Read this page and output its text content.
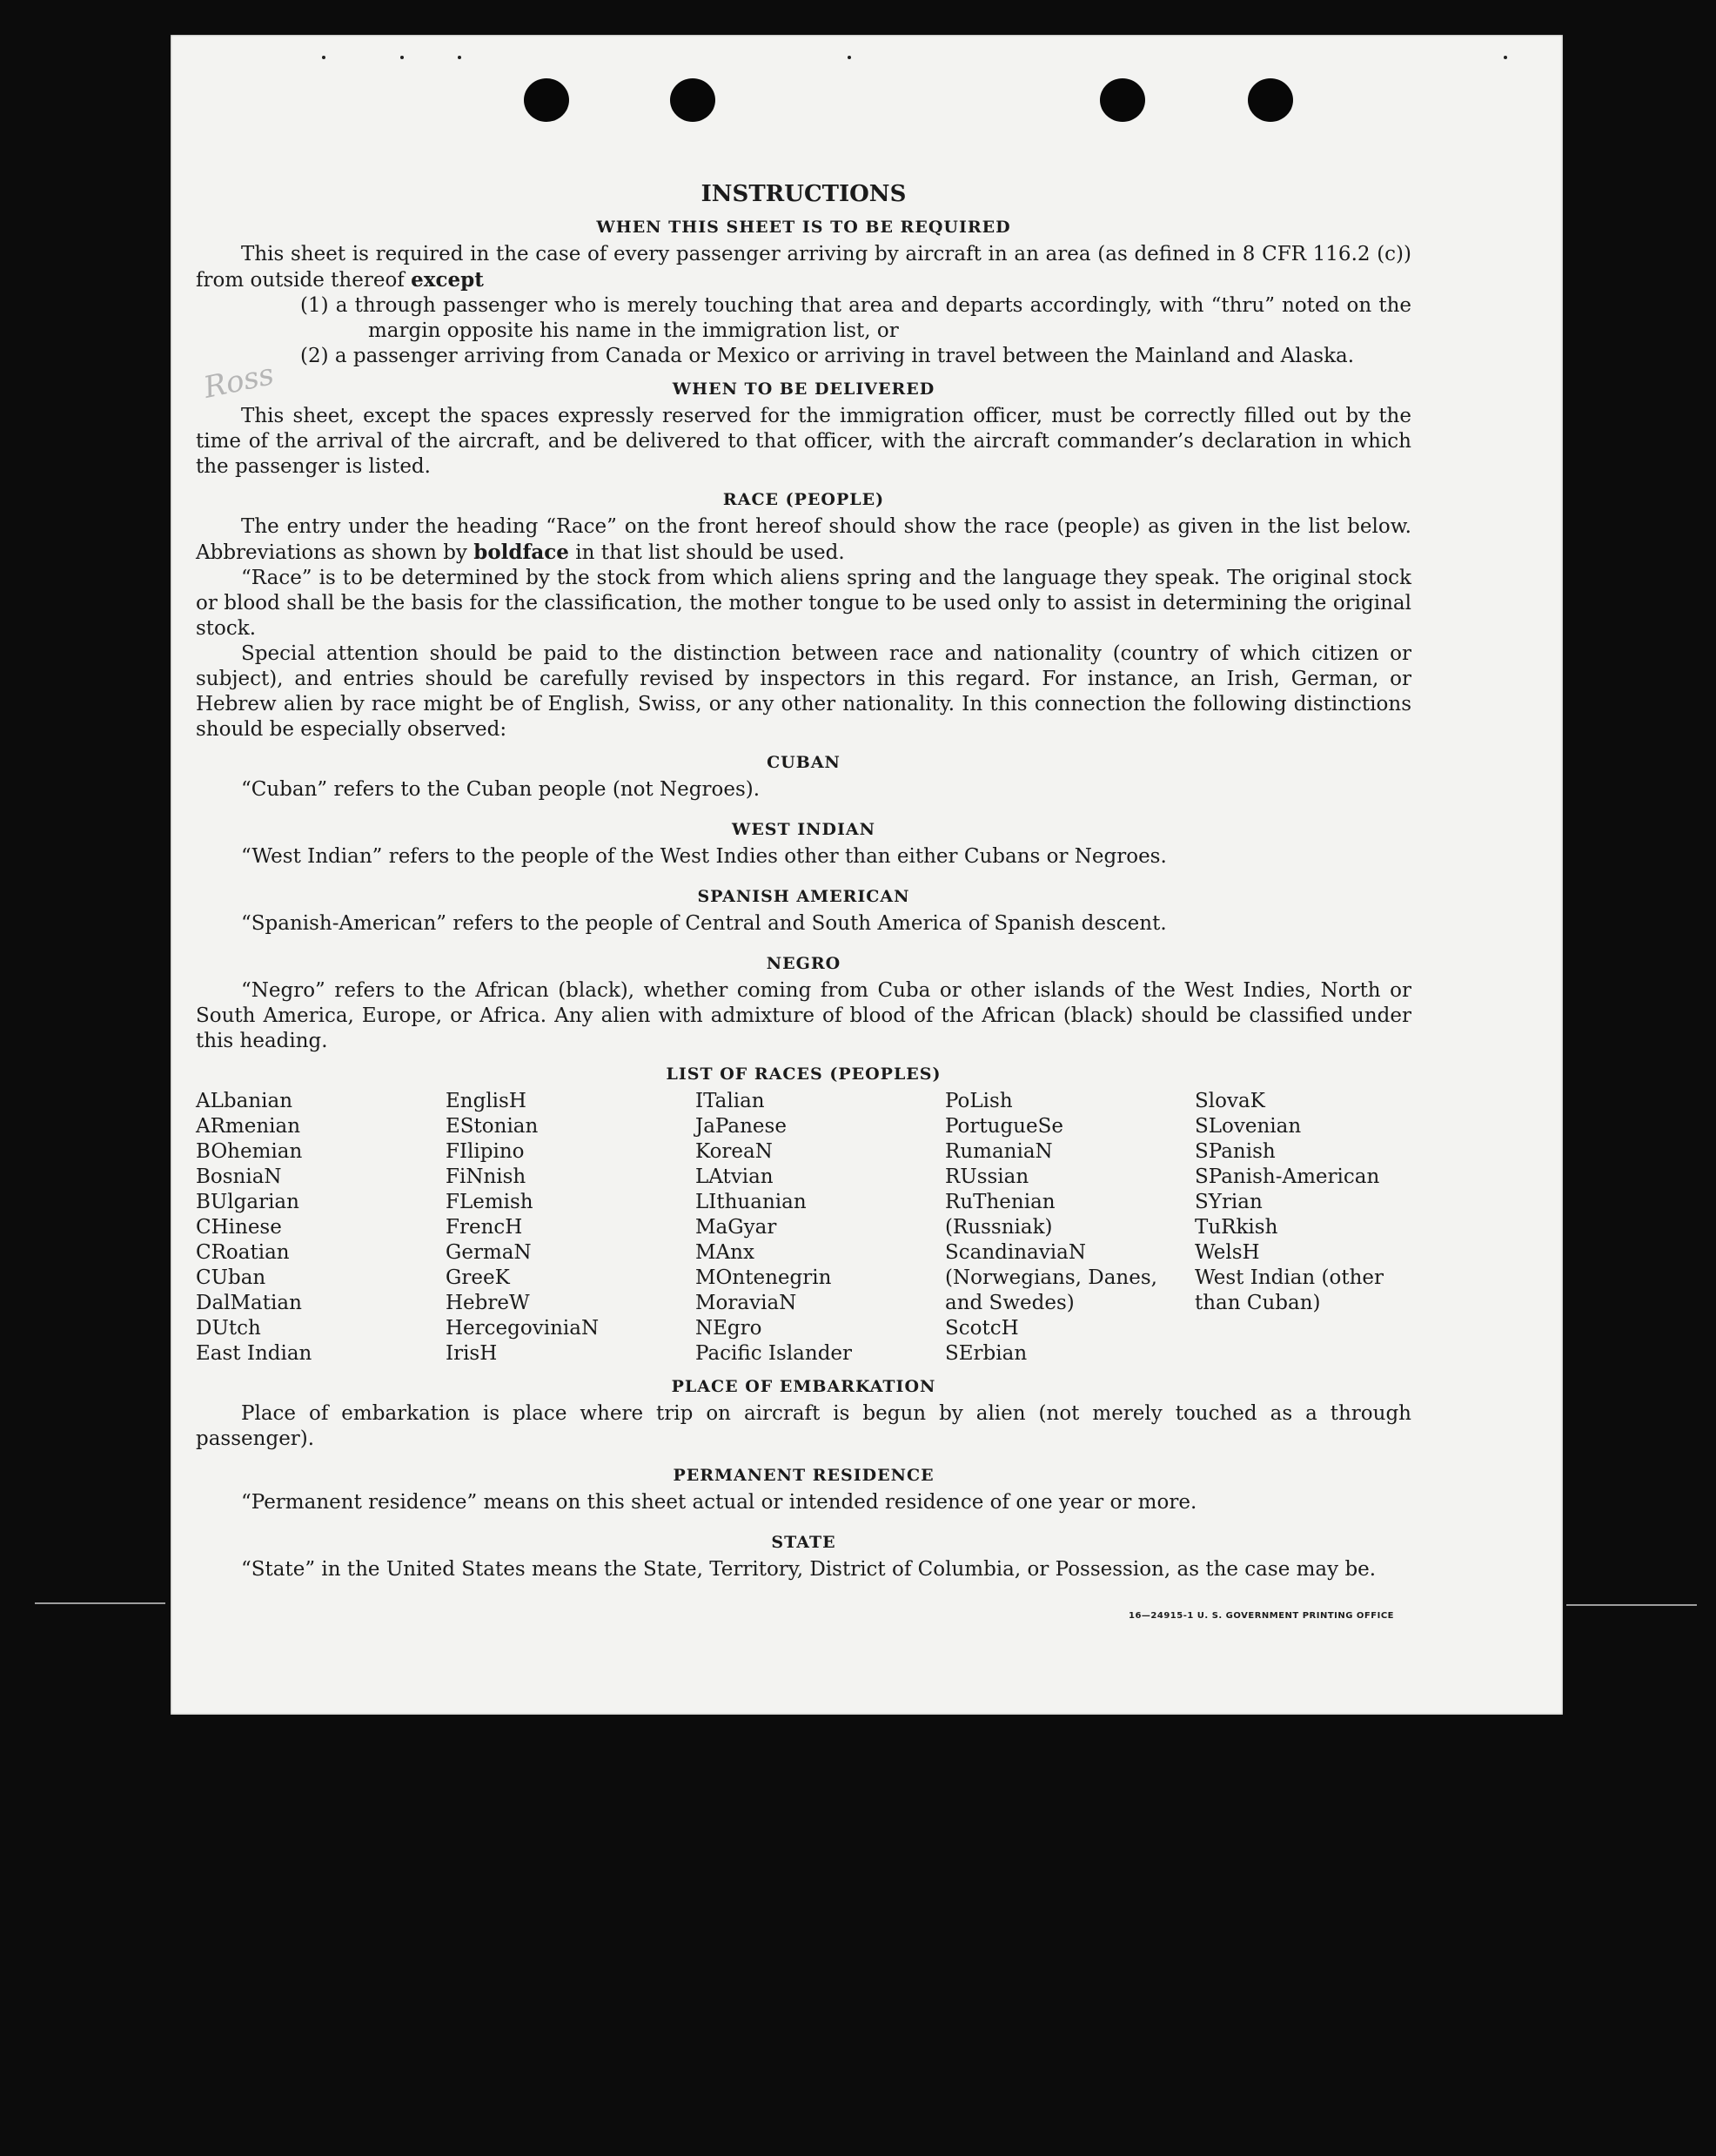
Ross
INSTRUCTIONS
WHEN THIS SHEET IS TO BE REQUIRED

This sheet is required in the case of every passenger arriving by aircraft in an area (as defined in 8 CFR 116.2 (c)) from outside thereof except

(1) a through passenger who is merely touching that area and departs accordingly, with “thru” noted on the margin opposite his name in the immigration list, or

(2) a passenger arriving from Canada or Mexico or arriving in travel between the Mainland and Alaska.

WHEN TO BE DELIVERED

This sheet, except the spaces expressly reserved for the immigration officer, must be correctly filled out by the time of the arrival of the aircraft, and be delivered to that officer, with the aircraft commander’s declaration in which the passenger is listed.

RACE (PEOPLE)

The entry under the heading “Race” on the front hereof should show the race (people) as given in the list below. Abbreviations as shown by boldface in that list should be used.

“Race” is to be determined by the stock from which aliens spring and the language they speak. The original stock or blood shall be the basis for the classification, the mother tongue to be used only to assist in determining the original stock.

Special attention should be paid to the distinction between race and nationality (country of which citizen or subject), and entries should be carefully revised by inspectors in this regard. For instance, an Irish, German, or Hebrew alien by race might be of English, Swiss, or any other nationality. In this connection the following distinctions should be especially observed:

CUBAN

“Cuban” refers to the Cuban people (not Negroes).

WEST INDIAN

“West Indian” refers to the people of the West Indies other than either Cubans or Negroes.

SPANISH AMERICAN

“Spanish-American” refers to the people of Central and South America of Spanish descent.

NEGRO

“Negro” refers to the African (black), whether coming from Cuba or other islands of the West Indies, North or South America, Europe, or Africa. Any alien with admixture of blood of the African (black) should be classified under this heading.

LIST OF RACES (PEOPLES)
ALbanian
ARmenian
BOhemian
BosniaN
BUlgarian
CHinese
CRoatian
CUban
DalMatian
DUtch
East Indian
EnglisH
EStonian
FIlipino
FiNnish
FLemish
FrencH
GermaN
GreeK
HebreW
HercegoviniaN
IrisH
ITalian
JaPanese
KoreaN
LAtvian
LIthuanian
MaGyar
MAnx
MOntenegrin
MoraviaN
NEgro
Pacific Islander
PoLish
PortugueSe
RumaniaN
RUssian
RuThenian (Russniak)
ScandinaviaN (Norwegians, Danes, and Swedes)
ScotcH
SErbian
SlovaK
SLovenian
SPanish
SPanish-American
SYrian
TuRkish
WelsH
West Indian (other than Cuban)
PLACE OF EMBARKATION

Place of embarkation is place where trip on aircraft is begun by alien (not merely touched as a through passenger).

PERMANENT RESIDENCE

“Permanent residence” means on this sheet actual or intended residence of one year or more.

STATE

“State” in the United States means the State, Territory, District of Columbia, or Possession, as the case may be.

16—24915-1 U. S. GOVERNMENT PRINTING OFFICE
